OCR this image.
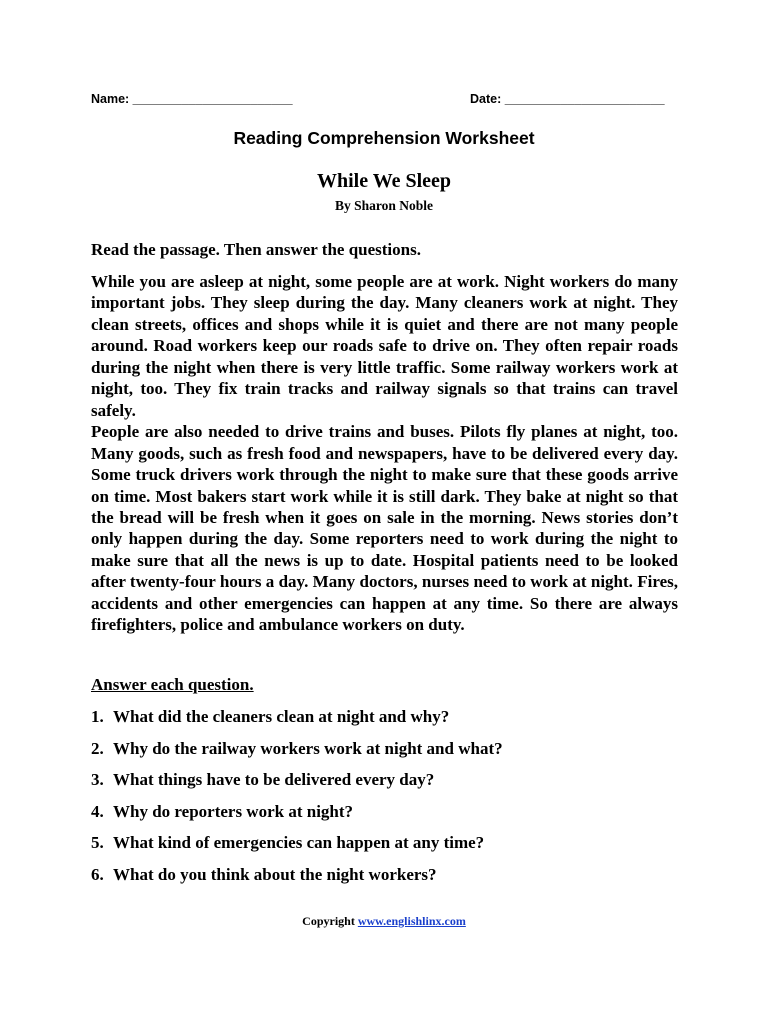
Name: _______________________	Date: _______________________
Reading Comprehension Worksheet
While We Sleep
By Sharon Noble
Read the passage. Then answer the questions.

While you are asleep at night, some people are at work. Night workers do many important jobs. They sleep during the day. Many cleaners work at night. They clean streets, offices and shops while it is quiet and there are not many people around. Road workers keep our roads safe to drive on. They often repair roads during the night when there is very little traffic. Some railway workers work at night, too. They fix train tracks and railway signals so that trains can travel safely.

People are also needed to drive trains and buses. Pilots fly planes at night, too. Many goods, such as fresh food and newspapers, have to be delivered every day. Some truck drivers work through the night to make sure that these goods arrive on time. Most bakers start work while it is still dark. They bake at night so that the bread will be fresh when it goes on sale in the morning. News stories don’t only happen during the day. Some reporters need to work during the night to make sure that all the news is up to date. Hospital patients need to be looked after twenty-four hours a day. Many doctors, nurses need to work at night. Fires, accidents and other emergencies can happen at any time. So there are always firefighters, police and ambulance workers on duty.

Answer each question.
1. What did the cleaners clean at night and why?
2. Why do the railway workers work at night and what?
3. What things have to be delivered every day?
4. Why do reporters work at night?
5. What kind of emergencies can happen at any time?
6. What do you think about the night workers?
Copyright www.englishlinx.com
